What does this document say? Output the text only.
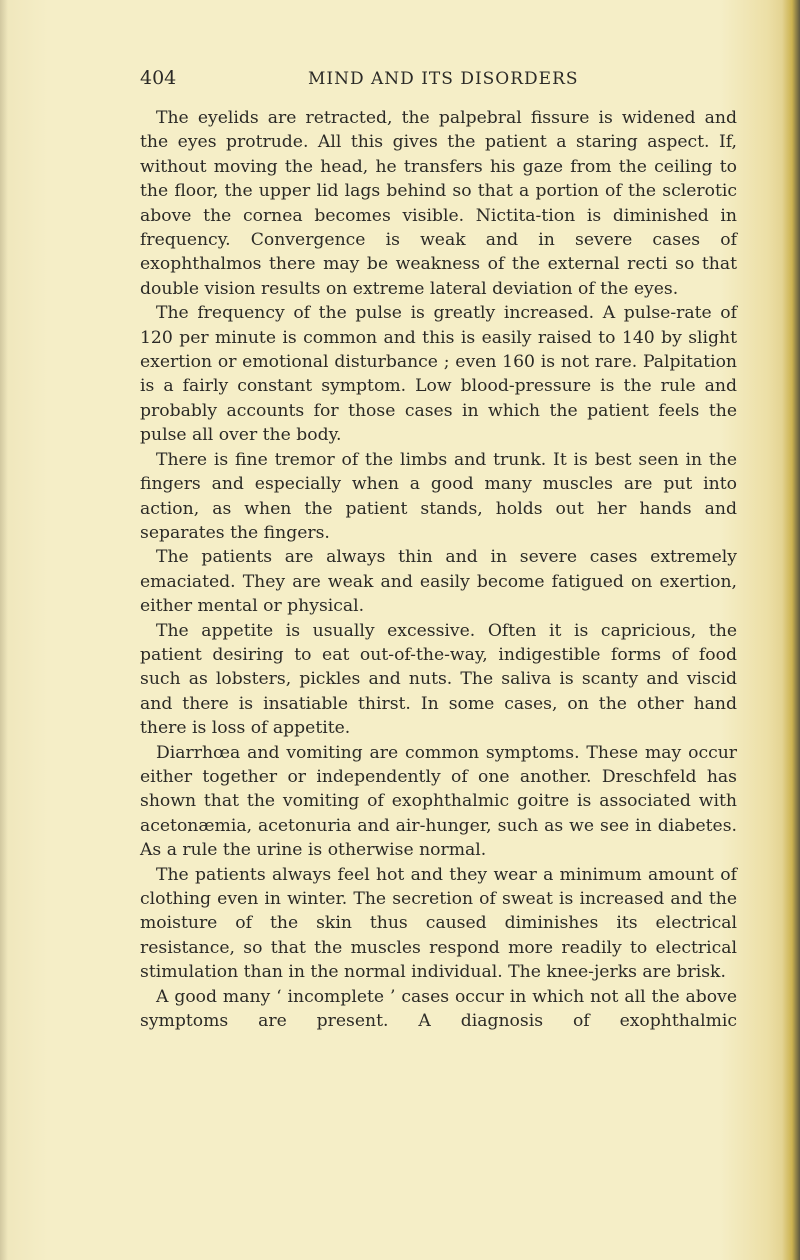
404	MIND AND ITS DISORDERS

The eyelids are retracted, the palpebral fissure is widened and the eyes protrude. All this gives the patient a staring aspect. If, without moving the head, he transfers his gaze from the ceiling to the floor, the upper lid lags behind so that a portion of the sclerotic above the cornea becomes visible. Nictita-tion is diminished in frequency. Convergence is weak and in severe cases of exophthalmos there may be weakness of the external recti so that double vision results on extreme lateral deviation of the eyes.

The frequency of the pulse is greatly increased. A pulse-rate of 120 per minute is common and this is easily raised to 140 by slight exertion or emotional disturbance ; even 160 is not rare. Palpitation is a fairly constant symptom. Low blood-pressure is the rule and probably accounts for those cases in which the patient feels the pulse all over the body.

There is fine tremor of the limbs and trunk. It is best seen in the fingers and especially when a good many muscles are put into action, as when the patient stands, holds out her hands and separates the fingers.

The patients are always thin and in severe cases extremely emaciated. They are weak and easily become fatigued on exertion, either mental or physical.

The appetite is usually excessive. Often it is capricious, the patient desiring to eat out-of-the-way, indigestible forms of food such as lobsters, pickles and nuts. The saliva is scanty and viscid and there is insatiable thirst. In some cases, on the other hand there is loss of appetite.

Diarrhœa and vomiting are common symptoms. These may occur either together or independently of one another. Dreschfeld has shown that the vomiting of exophthalmic goitre is associated with acetonæmia, acetonuria and air-hunger, such as we see in diabetes. As a rule the urine is otherwise normal.

The patients always feel hot and they wear a minimum amount of clothing even in winter. The secretion of sweat is increased and the moisture of the skin thus caused diminishes its electrical resistance, so that the muscles respond more readily to electrical stimulation than in the normal individual. The knee-jerks are brisk.

A good many ‘ incomplete ’ cases occur in which not all the above symptoms are present. A diagnosis of exophthalmic
